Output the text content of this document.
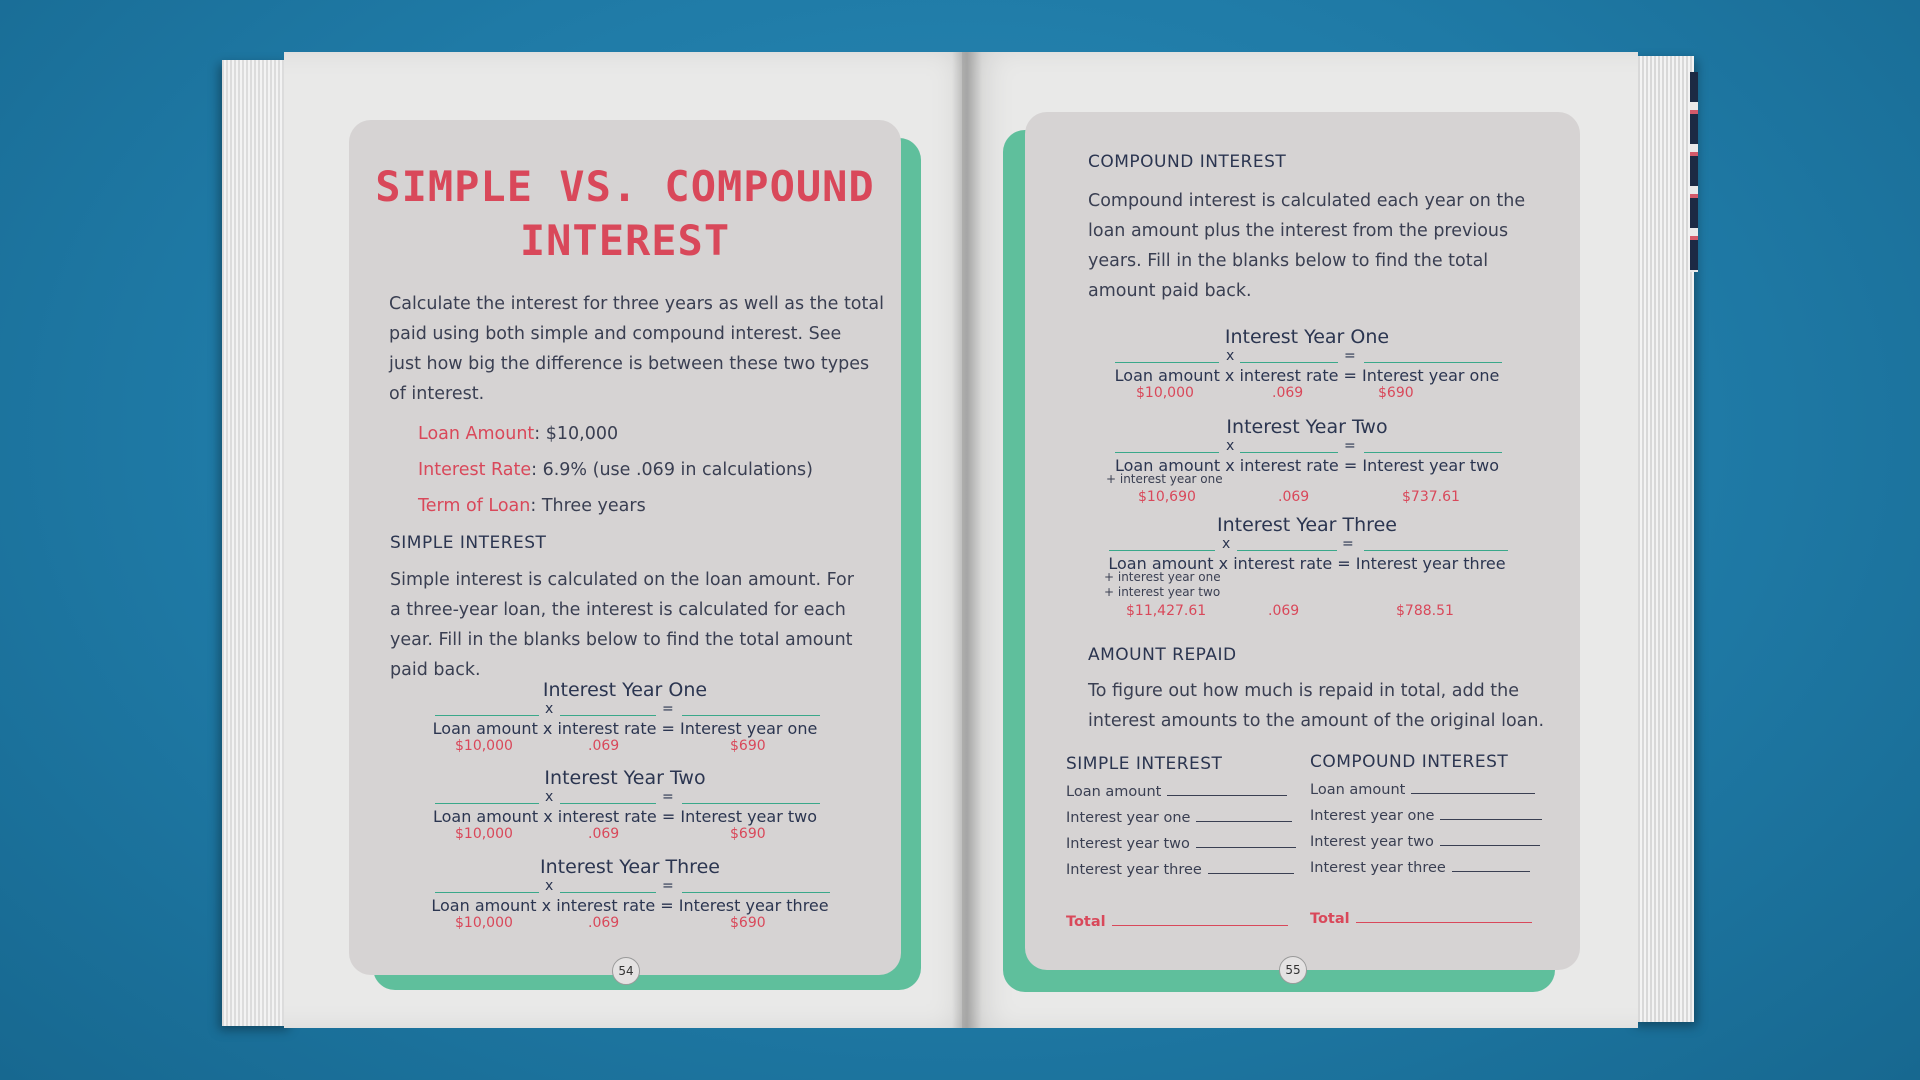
54
SIMPLE VS. COMPOUND
INTEREST
Calculate the interest for three years as well as the total
paid using both simple and compound interest. See
just how big the difference is between these two types
of interest.
Loan Amount: $10,000
Interest Rate: 6.9% (use .069 in calculations)
Term of Loan: Three years
SIMPLE INTEREST
Simple interest is calculated on the loan amount. For
a three-year loan, the interest is calculated for each
year. Fill in the blanks below to find the total amount
paid back.
Interest Year One
x	=
Loan amount x interest rate = Interest year one
$10,000	.069	$690
Interest Year Two
x	=
Loan amount x interest rate = Interest year two
$10,000	.069	$690
Interest Year Three
x	=
Loan amount x interest rate = Interest year three
$10,000	.069	$690
55
COMPOUND INTEREST
Compound interest is calculated each year on the
loan amount plus the interest from the previous
years. Fill in the blanks below to find the total
amount paid back.
Interest Year One
x	=
Loan amount x interest rate = Interest year one
$10,000	.069	$690
Interest Year Two
x	=
Loan amount x interest rate = Interest year two
+ interest year one
$10,690	.069	$737.61
Interest Year Three
x	=
Loan amount x interest rate = Interest year three
+ interest year one
+ interest year two
$11,427.61	.069	$788.51
AMOUNT REPAID
To figure out how much is repaid in total, add the
interest amounts to the amount of the original loan.
SIMPLE INTEREST
Loan amount
Interest year one
Interest year two
Interest year three
Total
COMPOUND INTEREST
Loan amount
Interest year one
Interest year two
Interest year three
Total
